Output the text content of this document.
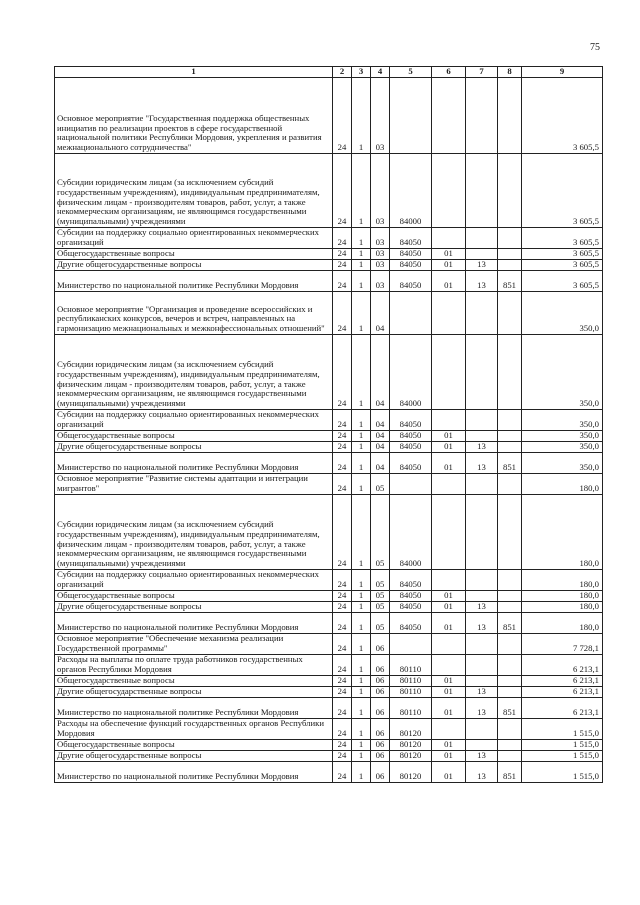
75
1	2	3	4	5	6	7	8	9
Основное мероприятие "Государственная поддержка общественных инициатив по реализации проектов в сфере государственной национальной политики Республики Мордовия, укрепления и развития межнационального сотрудничества"	24	1	03					3 605,5
Субсидии юридическим лицам (за исключением субсидий государственным учреждениям), индивидуальным предпринимателям, физическим лицам - производителям товаров, работ, услуг, а также некоммерческим организациям, не являющимся государственными (муниципальными) учреждениями	24	1	03	84000				3 605,5
Субсидии на поддержку социально ориентированных некоммерческих организаций	24	1	03	84050				3 605,5
Общегосударственные вопросы	24	1	03	84050	01			3 605,5
Другие общегосударственные вопросы	24	1	03	84050	01	13		3 605,5
Министерство по национальной политике Республики Мордовия	24	1	03	84050	01	13	851	3 605,5
Основное мероприятие "Организация и проведение всероссийских и республиканских конкурсов, вечеров и встреч, направленных на гармонизацию межнациональных и межконфессиональных отношений"	24	1	04					350,0
Субсидии юридическим лицам (за исключением субсидий государственным учреждениям), индивидуальным предпринимателям, физическим лицам - производителям товаров, работ, услуг, а также некоммерческим организациям, не являющимся государственными (муниципальными) учреждениями	24	1	04	84000				350,0
Субсидии на поддержку социально ориентированных некоммерческих организаций	24	1	04	84050				350,0
Общегосударственные вопросы	24	1	04	84050	01			350,0
Другие общегосударственные вопросы	24	1	04	84050	01	13		350,0
Министерство по национальной политике Республики Мордовия	24	1	04	84050	01	13	851	350,0
Основное мероприятие "Развитие системы адаптации и интеграции мигрантов"	24	1	05					180,0
Субсидии юридическим лицам (за исключением субсидий государственным учреждениям), индивидуальным предпринимателям, физическим лицам - производителям товаров, работ, услуг, а также некоммерческим организациям, не являющимся государственными (муниципальными) учреждениями	24	1	05	84000				180,0
Субсидии на поддержку социально ориентированных некоммерческих организаций	24	1	05	84050				180,0
Общегосударственные вопросы	24	1	05	84050	01			180,0
Другие общегосударственные вопросы	24	1	05	84050	01	13		180,0
Министерство по национальной политике Республики Мордовия	24	1	05	84050	01	13	851	180,0
Основное мероприятие "Обеспечение механизма реализации Государственной программы"	24	1	06					7 728,1
Расходы на выплаты по оплате труда работников государственных органов Республики Мордовия	24	1	06	80110				6 213,1
Общегосударственные вопросы	24	1	06	80110	01			6 213,1
Другие общегосударственные вопросы	24	1	06	80110	01	13		6 213,1
Министерство по национальной политике Республики Мордовия	24	1	06	80110	01	13	851	6 213,1
Расходы на обеспечение функций государственных органов Республики Мордовия	24	1	06	80120				1 515,0
Общегосударственные вопросы	24	1	06	80120	01			1 515,0
Другие общегосударственные вопросы	24	1	06	80120	01	13		1 515,0
Министерство по национальной политике Республики Мордовия	24	1	06	80120	01	13	851	1 515,0
